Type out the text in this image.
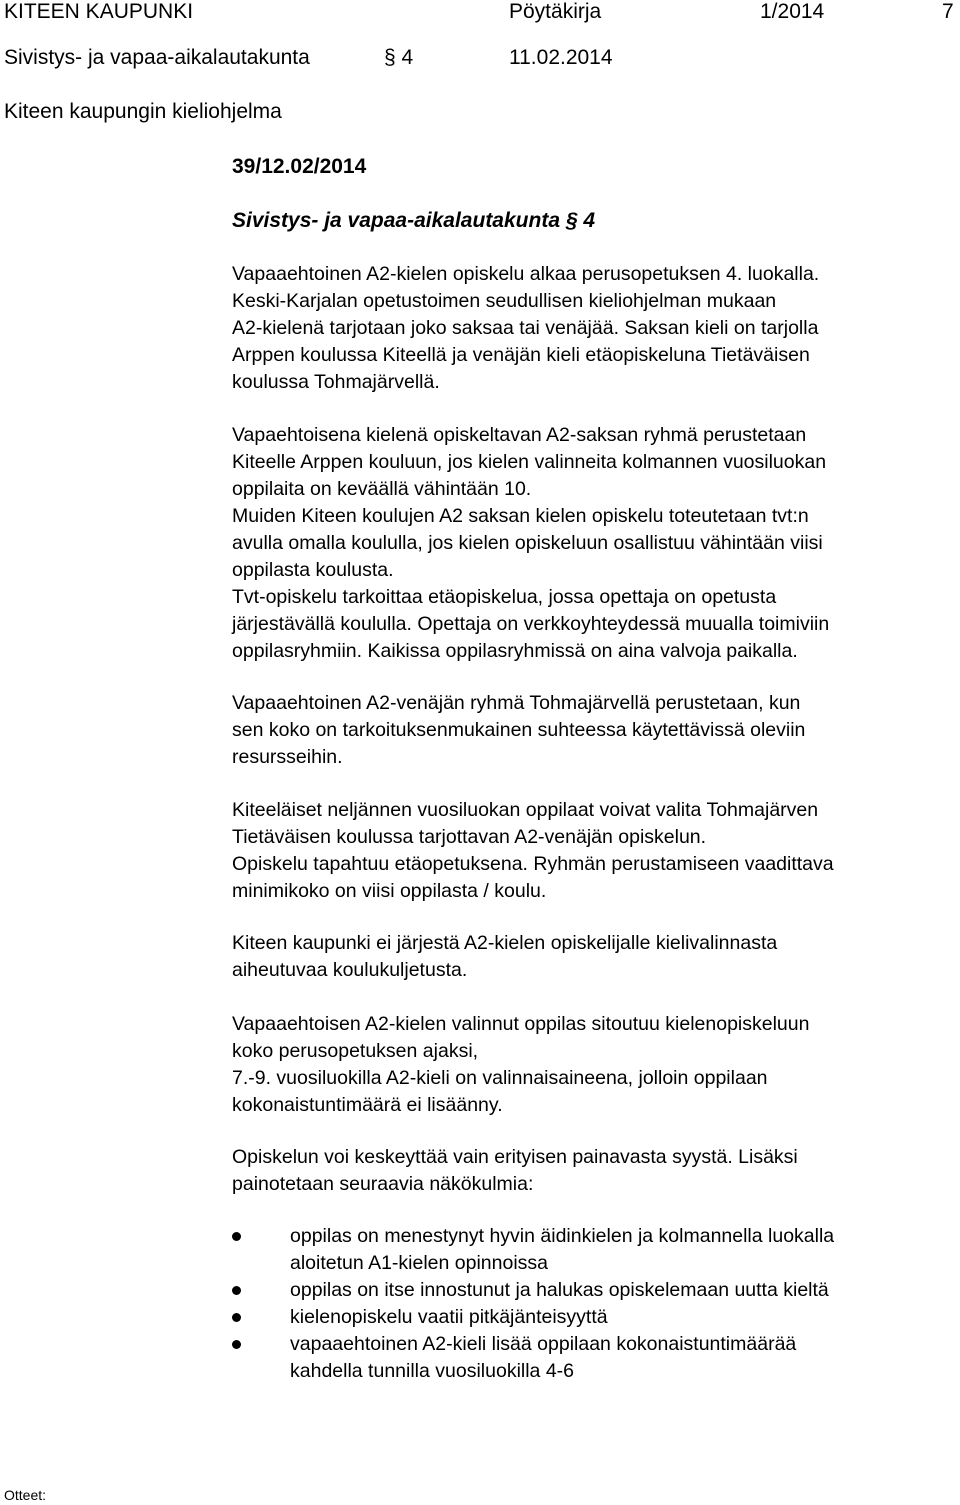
KITEEN KAUPUNKI	Pöytäkirja	1/2014	7
Sivistys- ja vapaa-aikalautakunta	§ 4	11.02.2014
Kiteen kaupungin kieliohjelma
39/12.02/2014
Sivistys- ja vapaa-aikalautakunta § 4
Vapaaehtoinen A2-kielen opiskelu alkaa perusopetuksen 4. luokalla.
Keski-Karjalan opetustoimen seudullisen kieliohjelman mukaan
A2-kielenä tarjotaan joko saksaa tai venäjää. Saksan kieli on tarjolla
Arppen koulussa Kiteellä ja venäjän kieli etäopiskeluna Tietäväisen
koulussa Tohmajärvellä.
Vapaehtoisena kielenä opiskeltavan A2-saksan ryhmä perustetaan
Kiteelle Arppen kouluun, jos kielen valinneita kolmannen vuosiluokan
oppilaita on keväällä vähintään 10.
Muiden Kiteen koulujen A2 saksan kielen opiskelu toteutetaan tvt:n
avulla omalla koululla, jos kielen opiskeluun osallistuu vähintään viisi
oppilasta koulusta.
Tvt-opiskelu tarkoittaa etäopiskelua, jossa opettaja on opetusta
järjestävällä koululla. Opettaja on verkkoyhteydessä muualla toimiviin
oppilasryhmiin. Kaikissa oppilasryhmissä on aina valvoja paikalla.
Vapaaehtoinen A2-venäjän ryhmä Tohmajärvellä perustetaan, kun
sen koko on tarkoituksenmukainen suhteessa käytettävissä oleviin
resursseihin.
Kiteeläiset neljännen vuosiluokan oppilaat voivat valita Tohmajärven
Tietäväisen koulussa tarjottavan A2-venäjän opiskelun.
Opiskelu tapahtuu etäopetuksena. Ryhmän perustamiseen vaadittava
minimikoko on viisi oppilasta / koulu.
Kiteen kaupunki ei järjestä A2-kielen opiskelijalle kielivalinnasta
aiheutuvaa koulukuljetusta.
Vapaaehtoisen A2-kielen valinnut oppilas sitoutuu kielenopiskeluun
koko perusopetuksen ajaksi,
7.-9. vuosiluokilla A2-kieli on valinnaisaineena, jolloin oppilaan
kokonaistuntimäärä ei lisäänny.
Opiskelun voi keskeyttää vain erityisen painavasta syystä. Lisäksi
painotetaan seuraavia näkökulmia:
oppilas on menestynyt hyvin äidinkielen ja kolmannella luokalla
aloitetun A1-kielen opinnoissa
oppilas on itse innostunut ja halukas opiskelemaan uutta kieltä
kielenopiskelu vaatii pitkäjänteisyyttä
vapaaehtoinen A2-kieli lisää oppilaan kokonaistuntimäärää
kahdella tunnilla vuosiluokilla 4-6
Otteet:
